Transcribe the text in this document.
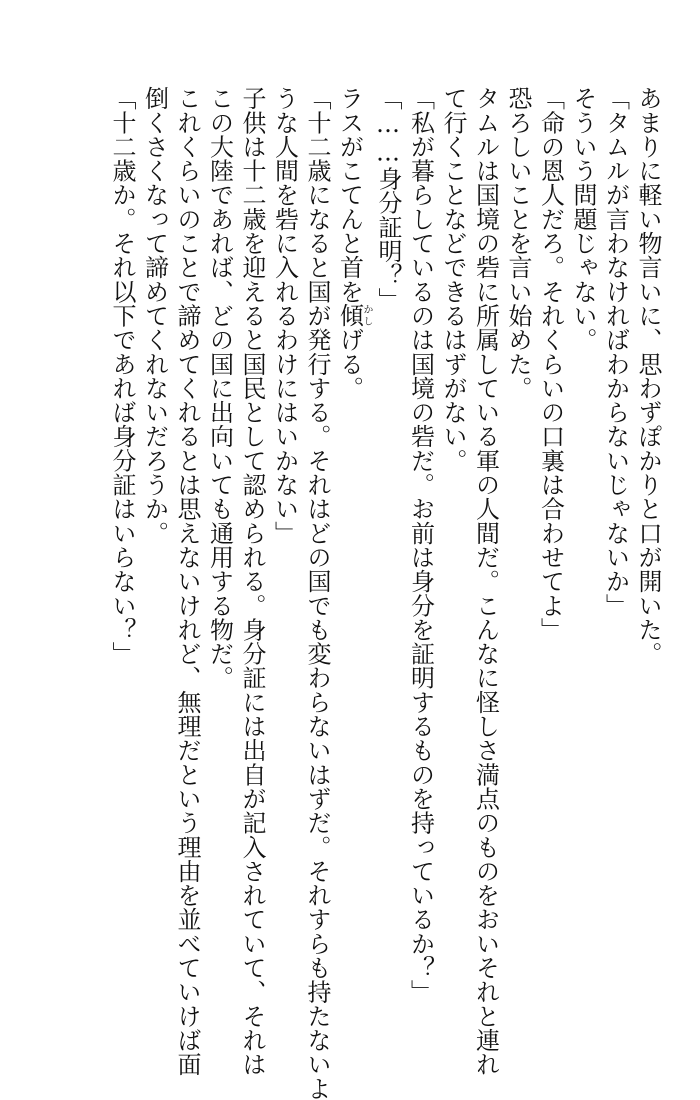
あまりに軽い物言いに、思わずぽかりと口が開いた。
「タムルが言わなければわからないじゃないか」
そういう問題じゃない。
「命の恩人だろ。それくらいの口裏は合わせてよ」
恐ろしいことを言い始めた。
タムルは国境の砦に所属している軍の人間だ。こんなに怪しさ満点のものをおいそれと連れ
て行くことなどできるはずがない。
「私が暮らしているのは国境の砦だ。お前は身分を証明するものを持っているか？」
「……身分証明？」
ラスがこてんと首を傾かしげる。
「十二歳になると国が発行する。それはどの国でも変わらないはずだ。それすらも持たないよ
うな人間を砦に入れるわけにはいかない」
子供は十二歳を迎えると国民として認められる。身分証には出自が記入されていて、それは
この大陸であれば、どの国に出向いても通用する物だ。
これくらいのことで諦めてくれるとは思えないけれど、無理だという理由を並べていけば面
倒くさくなって諦めてくれないだろうか。
「十二歳か。それ以下であれば身分証はいらない？」
